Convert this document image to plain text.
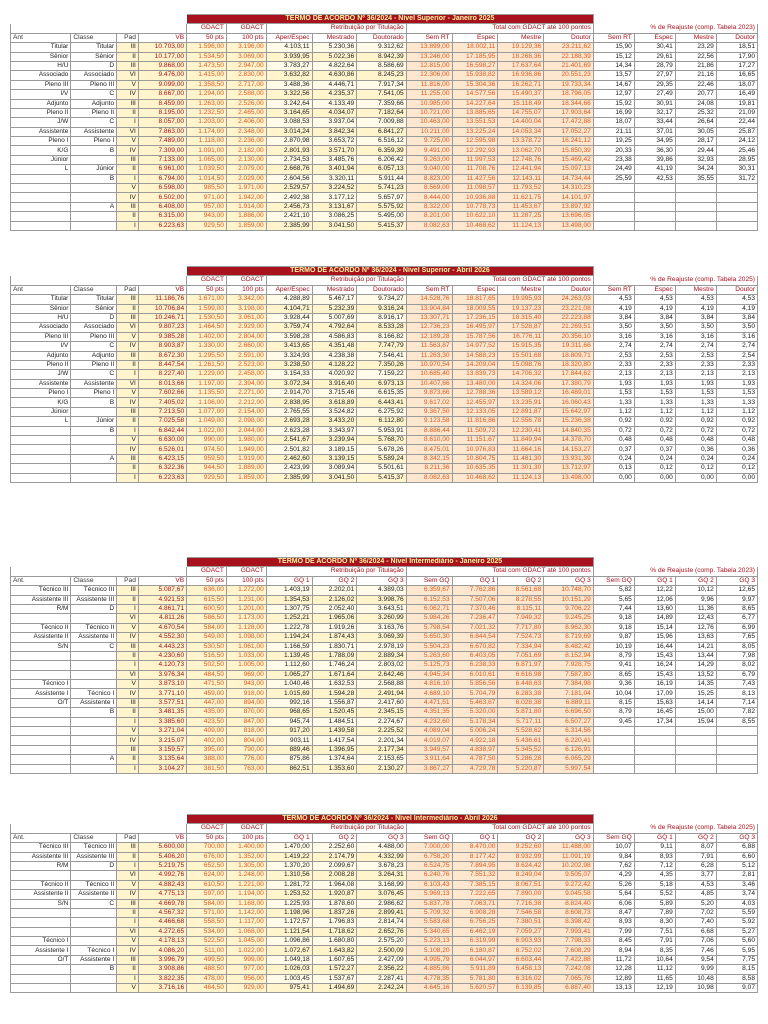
				TERMO DE ACORDO Nº 36/2024 - Nível Superior - Janeiro 2025												
				GDACT	GDACT	Retribuição por Titulação			Total com GDACT até 100 pontos				% de Reajuste (comp. Tabela 2023)			
Ant	Classe	Pad	VB	50 pts	100 pts	Aper/Espec	Mestrado	Doutorado	Sem RT	Espec	Mestre	Doutor	Sem RT	Espec	Mestre	Doutor
Titular	Titular	III	10.703,00	1.596,00	3.196,00	4.103,11	5.230,36	9.312,62	13.899,00	18.002,11	19.129,36	23.211,62	15,90	30,41	23,29	18,51
Sênior	Sênior	II	10.177,00	1.534,50	3.069,00	3.939,95	5.022,36	8.942,39	13.246,00	17.185,95	18.268,36	22.188,39	15,12	29,61	22,56	17,90
H/U	D	III	9.868,00	1.473,50	2.947,00	3.783,27	4.822,64	8.586,69	12.815,00	16.598,27	17.637,64	21.401,69	14,34	28,79	21,86	17,27
Associado	Associado	VI	9.476,00	1.415,00	2.830,00	3.632,82	4.630,86	8.245,23	12.306,00	15.938,82	16.936,86	20.551,23	13,57	27,97	21,16	16,65
Pleno III	Pleno III	V	9.099,00	1.358,50	2.717,00	3.488,36	4.446,71	7.917,34	11.816,00	15.304,36	16.262,71	19.733,34	14,67	29,35	22,46	18,07
I/V	C	IV	8.667,00	1.294,00	2.588,00	3.322,56	4.235,37	7.541,05	11.255,00	14.577,56	15.490,37	18.796,05	12,97	27,49	20,77	16,49
Adjunto	Adjunto	III	8.459,00	1.263,00	2.526,00	3.242,64	4.133,49	7.359,66	10.985,00	14.227,64	15.118,49	18.344,66	15,92	30,91	24,08	19,81
Pleno II	Pleno II	II	8.195,00	1.232,50	2.465,00	3.164,65	4.034,07	7.182,64	10.721,00	13.885,65	14.755,07	17.903,64	16,99	32,17	25,32	21,09
J/W	C	I	8.057,00	1.203,00	2.406,00	3.088,53	3.937,04	7.009,88	10.463,00	13.551,53	14.400,04	17.472,88	18,07	33,44	26,64	22,44
Assistente	Assistente	VI	7.863,00	1.174,00	2.348,00	3.014,24	3.842,34	6.841,27	10.211,00	13.225,24	14.053,34	17.052,27	21,11	37,01	30,05	25,87
Pleno I	Pleno I	V	7.489,00	1.118,00	2.236,00	2.870,98	3.653,72	6.516,12	9.725,00	12.595,98	13.378,72	16.241,12	19,25	34,95	28,17	24,12
K/G	B	IV	7.309,00	1.091,00	2.182,00	2.801,93	3.571,70	6.359,39	9.491,00	12.292,93	13.062,70	15.850,39	20,33	36,30	29,44	25,46
Júnior		III	7.133,00	1.065,00	2.130,00	2.734,53	3.485,76	6.206,42	9.263,00	11.997,53	12.748,76	15.469,42	23,38	39,86	32,93	28,95
L	Júnior	II	6.961,00	1.039,50	2.079,00	2.668,76	3.401,94	6.057,13	9.040,00	11.708,76	12.441,94	15.097,13	24,49	41,19	34,24	30,31
	B	I	6.794,00	1.014,50	2.029,00	2.604,56	3.320,11	5.911,44	8.823,00	11.427,56	12.143,11	14.734,44	25,59	42,53	35,55	31,72
		V	6.598,00	985,50	1.971,00	2.529,57	3.224,52	5.741,23	8.569,00	11.098,57	11.793,52	14.310,23				
		IV	6.502,00	971,00	1.942,00	2.492,38	3.177,12	5.657,97	8.444,00	10.936,88	11.621,75	14.101,97				
	A	III	6.408,00	957,00	1.914,00	2.456,73	3.131,67	5.575,92	8.322,00	10.778,73	11.453,67	13.897,92				
		II	6.315,00	943,00	1.886,00	2.421,10	3.086,25	5.495,00	8.201,00	10.622,10	11.287,25	13.696,05				
		I	6.223,63	929,50	1.859,00	2.385,99	3.041,50	5.415,37	8.082,63	10.468,62	11.124,13	13.498,00				
				TERMO DE ACORDO Nº 36/2024 - Nível Superior - Abril 2026												
				GDACT	GDACT	Retribuição por Titulação			Total com GDACT até 100 pontos				% de Reajuste (comp. Tabela 2025)			
Ant	Classe	Pad	VB	50 pts	100 pts	Aper/Espec	Mestrado	Doutorado	Sem RT	Espec	Mestre	Doutor	Sem RT	Espec	Mestre	Doutor
Titular	Titular	III	11.186,76	1.671,00	3.342,00	4.288,89	5.467,17	9.734,27	14.528,76	18.817,65	19.995,93	24.263,03	4,53	4,53	4,53	4,53
Sênior	Sênior	II	10.706,84	1.599,00	3.198,00	4.104,71	5.232,39	9.316,24	13.904,84	18.009,55	19.137,23	23.221,08	4,19	4,19	4,19	4,19
H/U	D	III	10.246,71	1.530,50	3.061,00	3.928,44	5.007,69	8.916,17	13.307,71	17.236,15	18.315,40	22.223,88	3,84	3,84	3,84	3,84
Associado	Associado	VI	9.807,23	1.464,50	2.929,00	3.759,74	4.792,64	8.533,28	12.736,23	16.495,97	17.528,87	21.269,51	3,50	3,50	3,50	3,50
Pleno III	Pleno III	V	9.385,28	1.402,00	2.804,00	3.598,28	4.586,83	8.166,82	12.189,28	15.787,56	16.776,11	20.356,10	3,16	3,16	3,16	3,16
I/V	C	IV	8.903,87	1.330,00	2.660,00	3.413,65	4.351,48	7.747,79	11.563,87	14.977,52	15.915,35	19.311,66	2,74	2,74	2,74	2,74
Adjunto	Adjunto	III	8.672,30	1.295,50	2.591,00	3.324,93	4.238,38	7.546,41	11.263,30	14.588,23	15.501,68	18.809,71	2,53	2,53	2,53	2,54
Pleno II	Pleno II	II	8.447,54	1.261,50	2.523,00	3.238,50	4.128,22	7.350,26	10.970,54	14.209,04	15.098,76	18.320,80	2,33	2,33	2,33	2,33
J/W	C	I	8.227,40	1.229,00	2.458,00	3.154,33	4.020,92	7.159,22	10.685,40	13.839,73	14.706,32	17.844,62	2,13	2,13	2,13	2,13
Assistente	Assistente	VI	8.013,66	1.197,00	2.394,00	3.072,34	3.916,40	6.973,13	10.407,66	13.480,00	14.324,06	17.380,79	1,93	1,93	1,93	1,93
Pleno I	Pleno I	V	7.602,66	1.135,50	2.271,00	2.914,70	3.715,46	6.615,35	9.873,66	12.788,36	13.589,12	16.489,01	1,53	1,53	1,53	1,53
K/G	B	IV	7.405,02	1.106,00	2.212,00	2.838,95	3.618,89	6.443,41	9.617,02	12.455,97	13.235,91	16.060,43	1,33	1,33	1,33	1,33
Júnior		III	7.213,50	1.077,00	2.154,00	2.765,55	3.524,82	6.275,92	9.367,50	12.133,05	12.891,87	15.642,97	1,12	1,12	1,12	1,12
L	Júnior	II	7.025,58	1.049,00	2.098,00	2.693,28	3.433,20	6.112,80	9.123,58	11.816,86	12.556,78	15.236,38	0,92	0,92	0,92	0,92
	B	I	6.842,44	1.022,00	2.044,00	2.623,28	3.343,97	5.953,91	8.886,44	11.509,72	12.230,41	14.840,35	0,72	0,72	0,72	0,72
		V	6.630,00	990,00	1.980,00	2.541,67	3.239,94	5.768,70	8.610,00	11.151,67	11.849,94	14.378,70	0,48	0,48	0,48	0,48
		IV	6.526,01	974,50	1.949,00	2.501,82	3.189,15	5.678,26	8.475,01	10.976,83	11.664,16	14.153,27	0,37	0,37	0,36	0,36
	A	III	6.423,15	959,50	1.919,00	2.462,60	3.139,15	5.589,24	8.342,15	10.804,75	11.481,30	13.931,39	0,24	0,24	0,24	0,24
		II	6.322,36	944,50	1.889,00	2.423,99	3.089,94	5.501,61	8.211,36	10.635,35	11.301,30	13.712,97	0,13	0,12	0,12	0,12
		I	6.223,63	929,50	1.859,00	2.385,99	3.041,50	5.415,37	8.082,63	10.468,62	11.124,13	13.498,00	0,00	0,00	0,00	0,00
				TERMO DE ACORDO Nº 36/2024 - Nível Intermediário - Janeiro 2025												
				GDACT	GDACT	Retribuição por Titulação			Total com GDACT até 100 pontos				% de Reajuste (comp. Tabela 2023)			
Ant.	Classe	Pad	VB	50 pts	100 pts	GQ 1	GQ 2	GQ 3	Sem GQ	GQ 1	GQ 2	GQ 3	Sem GQ	GQ 1	GQ 2	GQ 3
Técnico III	Técnico III	III	5.087,67	636,00	1.272,00	1.403,19	2.202,01	4.389,03	6.359,67	7.762,86	8.561,68	10.748,70	5,82	12,22	10,12	12,65
Assistente III	Assistente III	II	4.921,53	615,50	1.231,00	1.354,53	2.126,02	3.998,76	6.152,53	7.507,06	8.278,55	10.151,29	5,65	12,06	9,96	9,97
R/M	D	I	4.861,71	600,50	1.201,00	1.307,75	2.052,40	3.643,51	6.062,71	7.370,46	8.115,11	9.706,22	7,44	13,60	11,36	8,65
		VI	4.811,26	586,50	1.173,00	1.252,21	1.965,06	3.260,99	5.984,26	7.236,47	7.949,32	9.245,25	9,18	14,89	12,43	6,77
Técnico II	Técnico II	V	4.670,54	584,00	1.128,00	1.222,78	1.919,26	3.163,76	5.798,54	7.021,32	7.717,80	8.962,30	9,18	15,14	12,76	6,99
Assistente II	Assistente II	IV	4.552,30	549,00	1.098,00	1.194,24	1.874,43	3.069,39	5.650,30	6.844,54	7.524,73	8.719,69	9,87	15,96	13,63	7,65
S/N	C	III	4.443,23	530,50	1.061,00	1.166,59	1.830,71	2.978,19	5.504,23	6.670,82	7.334,94	8.482,42	10,19	16,44	14,21	8,05
		II	4.230,60	516,50	1.033,00	1.139,45	1.788,09	2.889,34	5.263,60	6.403,05	7.051,69	8.152,94	8,79	15,43	13,44	7,98
		I	4.120,73	502,50	1.005,00	1.112,60	1.746,24	2.803,02	5.125,73	6.238,33	6.871,97	7.928,75	9,41	16,24	14,29	8,02
		VI	3.976,34	484,50	969,00	1.065,27	1.671,64	2.642,46	4.945,34	6.010,61	6.616,98	7.587,80	8,65	15,43	13,52	6,79
Técnico I		V	3.873,10	471,50	943,00	1.040,46	1.632,53	2.568,88	4.816,10	5.856,56	6.448,63	7.384,98	9,36	16,19	14,35	7,43
Assistente I	Técnico I	IV	3.771,10	459,00	918,00	1.015,69	1.594,28	2.491,94	4.689,10	5.704,79	6.283,38	7.181,04	10,04	17,09	15,25	8,13
O/T	Assistente I	III	3.577,51	447,00	894,00	992,16	1.556,87	2.417,60	4.471,51	5.463,67	6.028,38	6.889,11	8,15	15,63	14,14	7,14
	B	II	3.481,35	435,00	870,00	968,65	1.520,45	2.345,15	4.351,35	5.320,00	5.871,80	6.696,50	8,79	16,45	15,00	7,82
		I	3.385,60	423,50	847,00	945,74	1.484,51	2.274,67	4.232,60	5.178,34	5.717,11	6.507,27	9,45	17,34	15,94	8,55
		V	3.271,04	409,00	818,00	917,20	1.439,58	2.225,52	4.089,04	5.006,24	5.528,62	6.314,56				
		IV	3.215,07	402,00	804,00	903,11	1.417,54	2.201,34	4.019,07	4.922,18	5.436,61	6.220,41				
		III	3.159,57	395,00	790,00	889,46	1.396,95	2.177,34	3.949,57	4.838,97	5.345,52	6.126,91				
	A	II	3.135,64	388,00	776,00	875,86	1.374,64	2.153,65	3.911,64	4.787,50	5.286,28	6.065,29				
		I	3.104,27	381,50	763,00	862,51	1.353,60	2.130,27	3.867,27	4.729,78	5.220,87	5.997,54				
				TERMO DE ACORDO Nº 36/2024 - Nível Intermediário - Abril 2026												
				GDACT	GDACT	Retribuição por Titulação			Total com GDACT até 100 pontos				% de Reajuste (comp. Tabela 2025)			
Ant.	Classe	Pad	VB	50 pts	100 pts	GQ 1	GQ 2	GQ 3	Sem GQ	GQ 1	GQ 2	GQ 3	Sem GQ	GQ 1	GQ 2	GQ 3
Técnico III	Técnico III	III	5.600,00	700,00	1.400,00	1.470,00	2.252,60	4.488,00	7.000,00	8.470,00	9.252,60	11.488,00	10,07	9,11	8,07	6,88
Assistente III	Assistente III	II	5.406,20	676,00	1.352,00	1.419,22	2.174,79	4.332,99	6.758,20	8.177,42	8.932,99	11.091,19	9,84	8,93	7,91	6,60
R/M	D	I	5.219,75	652,50	1.305,00	1.370,20	2.099,67	3.678,23	6.524,75	7.894,95	8.624,42	10.202,98	7,62	7,12	6,28	5,12
		VI	4.992,76	624,00	1.248,00	1.310,56	2.008,28	3.264,31	6.240,76	7.551,32	8.249,04	9.505,07	4,29	4,35	3,77	2,81
Técnico II	Técnico II	V	4.882,43	610,50	1.221,00	1.281,72	1.964,08	3.168,99	6.103,43	7.385,15	8.067,51	9.272,42	5,26	5,18	4,53	3,46
Assistente II	Assistente II	IV	4.775,13	597,00	1.194,00	1.253,52	1.920,87	3.076,45	5.969,13	7.222,65	7.890,00	9.045,58	5,64	5,52	4,85	3,74
S/N	C	III	4.669,78	584,00	1.168,00	1.225,93	1.878,60	2.986,62	5.837,78	7.063,71	7.716,38	8.824,40	6,06	5,89	5,20	4,03
		II	4.567,32	571,00	1.142,00	1.198,96	1.837,26	2.899,41	5.709,32	6.908,28	7.546,58	8.608,73	8,47	7,89	7,02	5,59
		I	4.466,68	558,50	1.117,00	1.172,57	1.796,83	2.814,74	5.583,68	6.756,25	7.380,51	8.398,42	8,93	8,30	7,40	5,92
		VI	4.272,65	534,00	1.068,00	1.121,54	1.718,62	2.652,76	5.340,65	6.462,19	7.059,27	7.993,41	7,99	7,51	6,68	5,27
Técnico I		V	4.178,13	522,50	1.045,00	1.096,86	1.680,80	2.575,20	5.223,13	6.319,99	6.903,93	7.798,33	8,45	7,91	7,06	5,60
Assistente I	Técnico I	IV	4.086,20	511,00	1.022,00	1.072,67	1.643,82	2.500,09	5.108,20	6.180,87	6.752,02	7.608,29	8,94	8,35	7,46	5,95
O/T	Assistente I	III	3.996,79	499,50	999,00	1.049,18	1.607,65	2.427,09	4.995,79	6.044,97	6.603,44	7.422,88	11,72	10,64	9,54	7,75
	B	II	3.908,86	488,50	977,00	1.026,03	1.572,27	2.356,22	4.885,86	5.911,89	6.458,13	7.242,08	12,28	11,12	9,99	8,15
		I	3.822,35	478,00	956,00	1.003,45	1.537,67	2.287,41	4.778,35	5.781,80	6.316,02	7.065,76	12,89	11,65	10,48	8,58
		V	3.716,16	464,50	929,00	975,41	1.494,69	2.242,24	4.645,16	5.620,57	6.139,85	6.887,40	13,13	12,19	10,98	9,07
